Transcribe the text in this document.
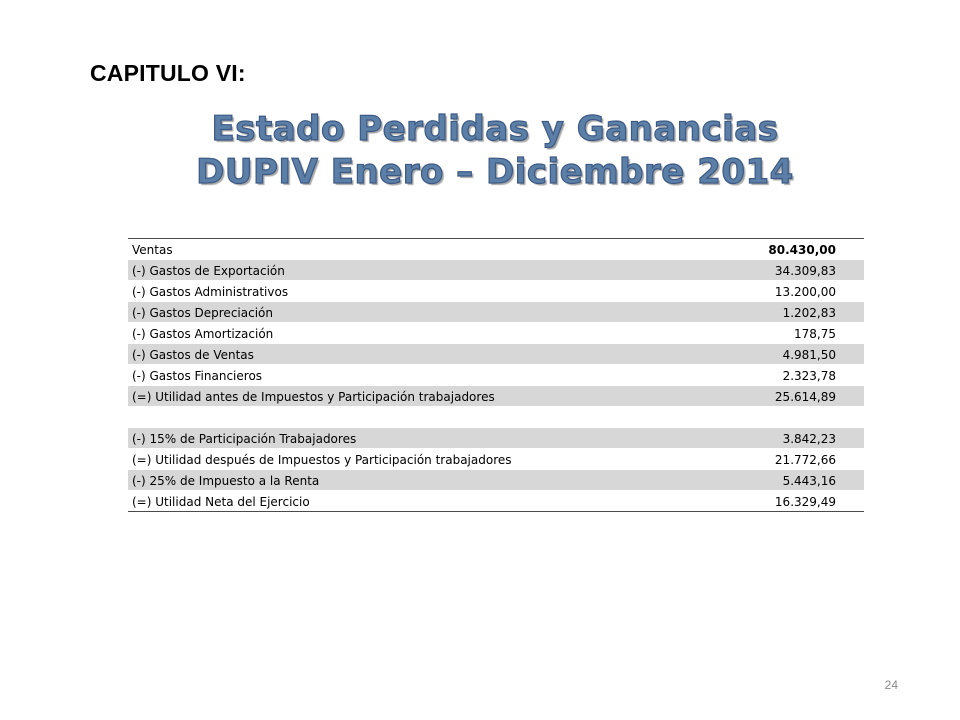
CAPITULO VI:
Estado Perdidas y Ganancias
DUPIV Enero – Diciembre 2014
Ventas	80.430,00
(-) Gastos de Exportación	34.309,83
(-) Gastos Administrativos	13.200,00
(-) Gastos Depreciación	1.202,83
(-) Gastos Amortización	178,75
(-) Gastos de Ventas	4.981,50
(-) Gastos Financieros	2.323,78
(=) Utilidad antes de Impuestos y Participación trabajadores	25.614,89
(-) 15% de Participación Trabajadores	3.842,23
(=) Utilidad después de Impuestos y Participación trabajadores	21.772,66
(-) 25% de Impuesto a la Renta	5.443,16
(=) Utilidad Neta del Ejercicio	16.329,49
24
